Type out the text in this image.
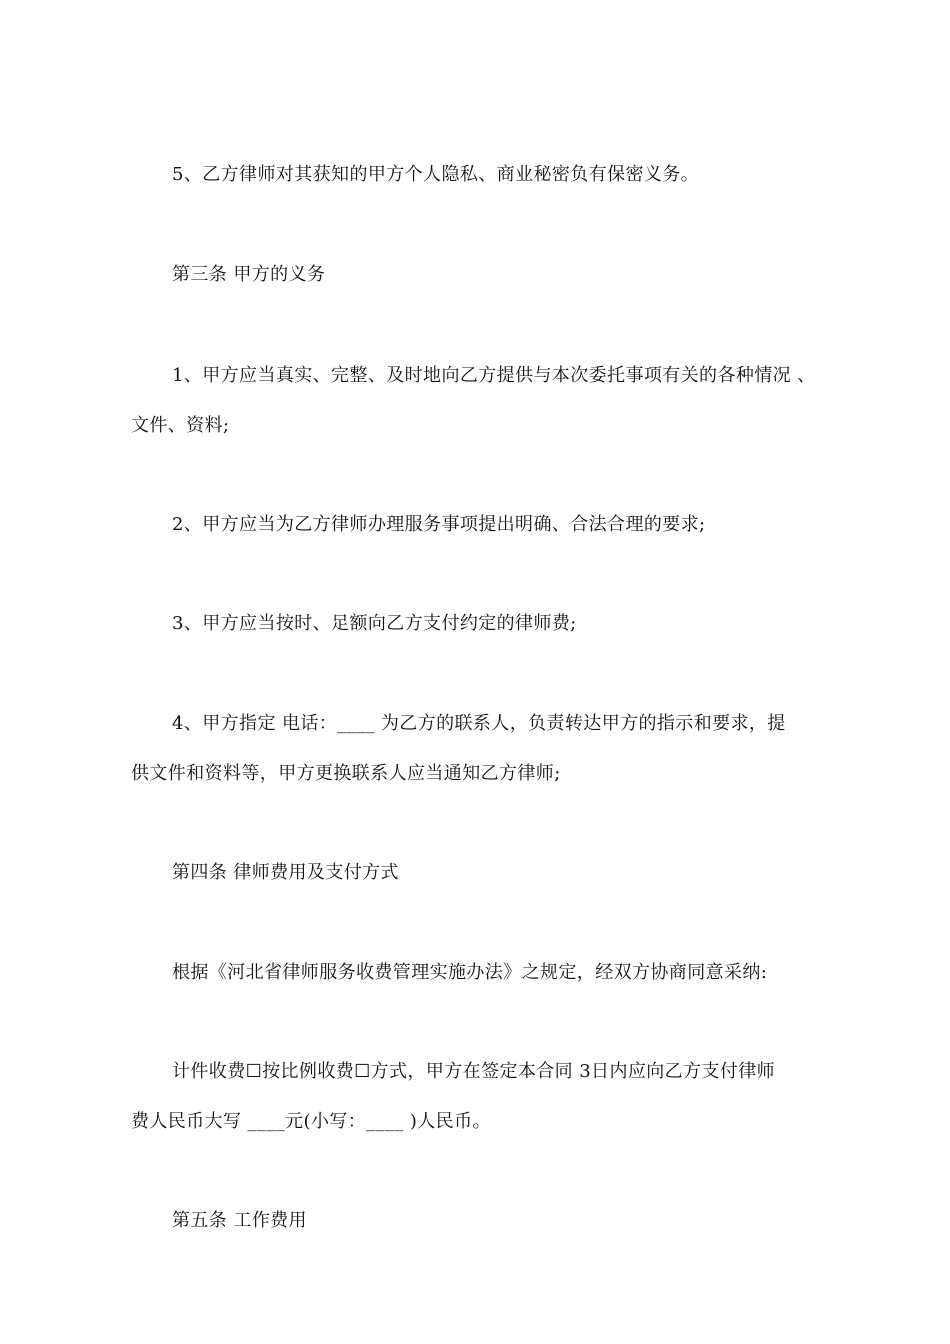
5、乙方律师对其获知的甲方个人隐私、商业秘密负有保密义务。
第三条 甲方的义务
1、甲方应当真实、完整、及时地向乙方提供与本次委托事项有关的各种情况 、
文件、资料;
2、甲方应当为乙方律师办理服务事项提出明确、合法合理的要求;
3、甲方应当按时、足额向乙方支付约定的律师费;
4、甲方指定 电话：____ 为乙方的联系人，负责转达甲方的指示和要求，提
供文件和资料等，甲方更换联系人应当通知乙方律师;
第四条 律师费用及支付方式
根据《河北省律师服务收费管理实施办法》之规定，经双方协商同意采纳:
计件收费☐按比例收费☐方式，甲方在签定本合同 3日内应向乙方支付律师
费人民币大写 ____元(小写：____ )人民币。
第五条 工作费用
